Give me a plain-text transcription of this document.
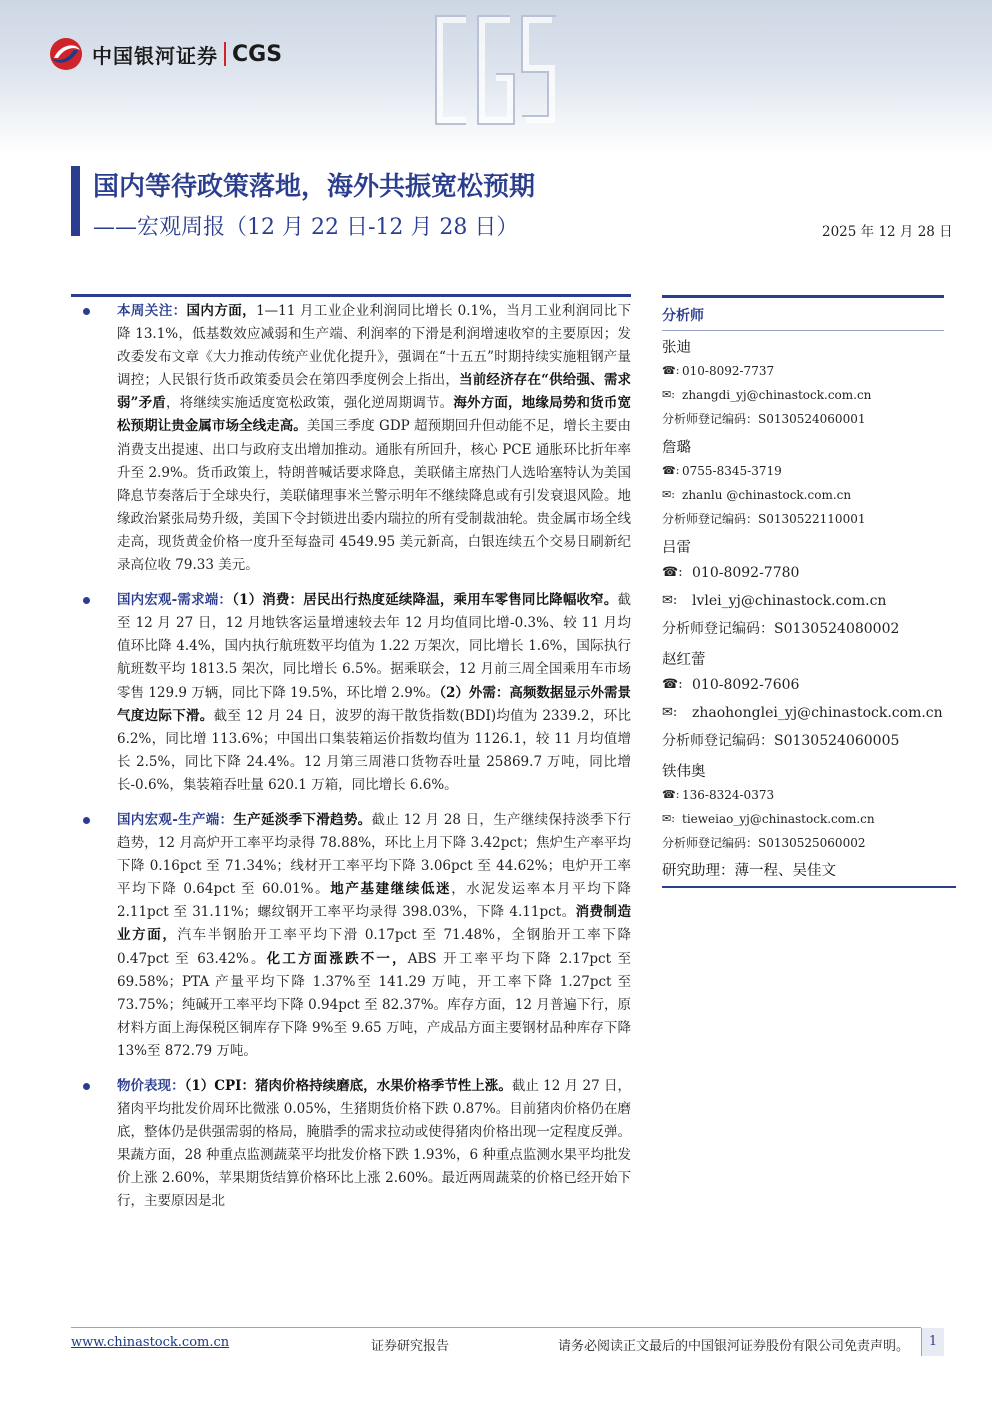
中国银河证券 CGS
国内等待政策落地，海外共振宽松预期
——宏观周报（12 月 22 日-12 月 28 日）	2025 年 12 月 28 日

本周关注：国内方面，1—11 月工业企业利润同比增长 0.1%，当月工业利润同比下降 13.1%，低基数效应减弱和生产端、利润率的下滑是利润增速收窄的主要原因；发改委发布文章《大力推动传统产业优化提升》，强调在“十五五”时期持续实施粗钢产量调控；人民银行货币政策委员会在第四季度例会上指出，当前经济存在“供给强、需求弱”矛盾，将继续实施适度宽松政策，强化逆周期调节。海外方面，地缘局势和货币宽松预期让贵金属市场全线走高。美国三季度 GDP 超预期回升但动能不足，增长主要由消费支出提速、出口与政府支出增加推动。通胀有所回升，核心 PCE 通胀环比折年率升至 2.9%。货币政策上，特朗普喊话要求降息，美联储主席热门人选哈塞特认为美国降息节奏落后于全球央行，美联储理事米兰警示明年不继续降息或有引发衰退风险。地缘政治紧张局势升级，美国下令封锁进出委内瑞拉的所有受制裁油轮。贵金属市场全线走高，现货黄金价格一度升至每盎司 4549.95 美元新高，白银连续五个交易日刷新纪录高位收 79.33 美元。

国内宏观-需求端：（1）消费：居民出行热度延续降温，乘用车零售同比降幅收窄。截至 12 月 27 日，12 月地铁客运量增速较去年 12 月均值同比增-0.3%、较 11 月均值环比降 4.4%，国内执行航班数平均值为 1.22 万架次，同比增长 1.6%，国际执行航班数平均 1813.5 架次，同比增长 6.5%。据乘联会，12 月前三周全国乘用车市场零售 129.9 万辆，同比下降 19.5%，环比增 2.9%。（2）外需：高频数据显示外需景气度边际下滑。截至 12 月 24 日，波罗的海干散货指数(BDI)均值为 2339.2，环比 6.2%，同比增 113.6%；中国出口集装箱运价指数均值为 1126.1，较 11 月均值增长 2.5%，同比下降 24.4%。12 月第三周港口货物吞吐量 25869.7 万吨，同比增长-0.6%，集装箱吞吐量 620.1 万箱，同比增长 6.6%。

国内宏观-生产端：生产延淡季下滑趋势。截止 12 月 28 日，生产继续保持淡季下行趋势，12 月高炉开工率平均录得 78.88%，环比上月下降 3.42pct；焦炉生产率平均下降 0.16pct 至 71.34%；线材开工率平均下降 3.06pct 至 44.62%；电炉开工率平均下降 0.64pct 至 60.01%。地产基建继续低迷，水泥发运率本月平均下降 2.11pct 至 31.11%；螺纹钢开工率平均录得 398.03%，下降 4.11pct。消费制造业方面，汽车半钢胎开工率平均下滑 0.17pct 至 71.48%，全钢胎开工率下降 0.47pct 至 63.42%。化工方面涨跌不一，ABS 开工率平均下降 2.17pct 至 69.58%；PTA 产量平均下降 1.37%至 141.29 万吨，开工率下降 1.27pct 至 73.75%；纯碱开工率平均下降 0.94pct 至 82.37%。库存方面，12 月普遍下行，原材料方面上海保税区铜库存下降 9%至 9.65 万吨，产成品方面主要钢材品种库存下降 13%至 872.79 万吨。

物价表现：（1）CPI：猪肉价格持续磨底，水果价格季节性上涨。截止 12 月 27 日，猪肉平均批发价周环比微涨 0.05%，生猪期货价格下跌 0.87%。目前猪肉价格仍在磨底，整体仍是供强需弱的格局，腌腊季的需求拉动或使得猪肉价格出现一定程度反弹。果蔬方面，28 种重点监测蔬菜平均批发价格下跌 1.93%，6 种重点监测水果平均批发价上涨 2.60%，苹果期货结算价格环比上涨 2.60%。最近两周蔬菜的价格已经开始下行，主要原因是北

分析师
张迪
☎: 010-8092-7737
✉: zhangdi_yj@chinastock.com.cn
分析师登记编码：S0130524060001
詹璐
☎: 0755-8345-3719
✉: zhanlu @chinastock.com.cn
分析师登记编码：S0130522110001
吕雷
☎: 010-8092-7780
✉:	lvlei_yj@chinastock.com.cn
分析师登记编码：S0130524080002
赵红蕾
☎: 010-8092-7606
✉:	zhaohonglei_yj@chinastock.com.cn
分析师登记编码：S0130524060005
铁伟奥
☎: 136-8324-0373
✉: tieweiao_yj@chinastock.com.cn
分析师登记编码：S0130525060002
研究助理：薄一程、吴佳文
www.chinastock.com.cn	证券研究报告	请务必阅读正文最后的中国银河证券股份有限公司免责声明。	1
